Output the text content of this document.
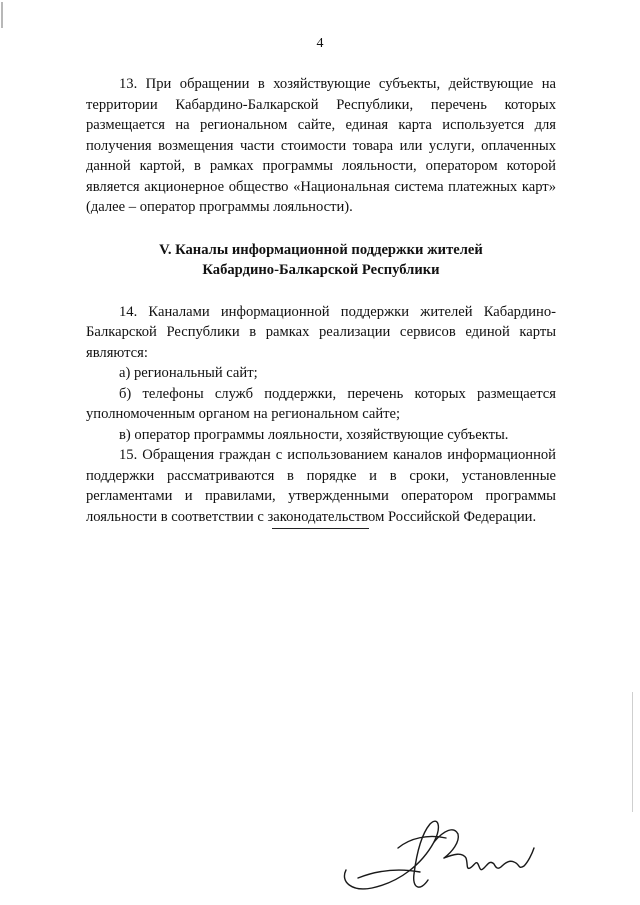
4

13. При обращении в хозяйствующие субъекты, действующие на территории Кабардино-Балкарской Республики, перечень которых размещается на региональном сайте, единая карта используется для получения возмещения части стоимости товара или услуги, оплаченных данной картой, в рамках программы лояльности, оператором которой является акционерное общество «Национальная система платежных карт» (далее – оператор программы лояльности).

V. Каналы информационной поддержки жителей
Кабардино-Балкарской Республики

14. Каналами информационной поддержки жителей Кабардино-Балкарской Республики в рамках реализации сервисов единой карты являются:

а) региональный сайт;

б) телефоны служб поддержки, перечень которых размещается уполномоченным органом на региональном сайте;

в) оператор программы лояльности, хозяйствующие субъекты.

15. Обращения граждан с использованием каналов информационной поддержки рассматриваются в порядке и в сроки, установленные регламентами и правилами, утвержденными оператором программы лояльности в соответствии с законодательством Российской Федерации.
